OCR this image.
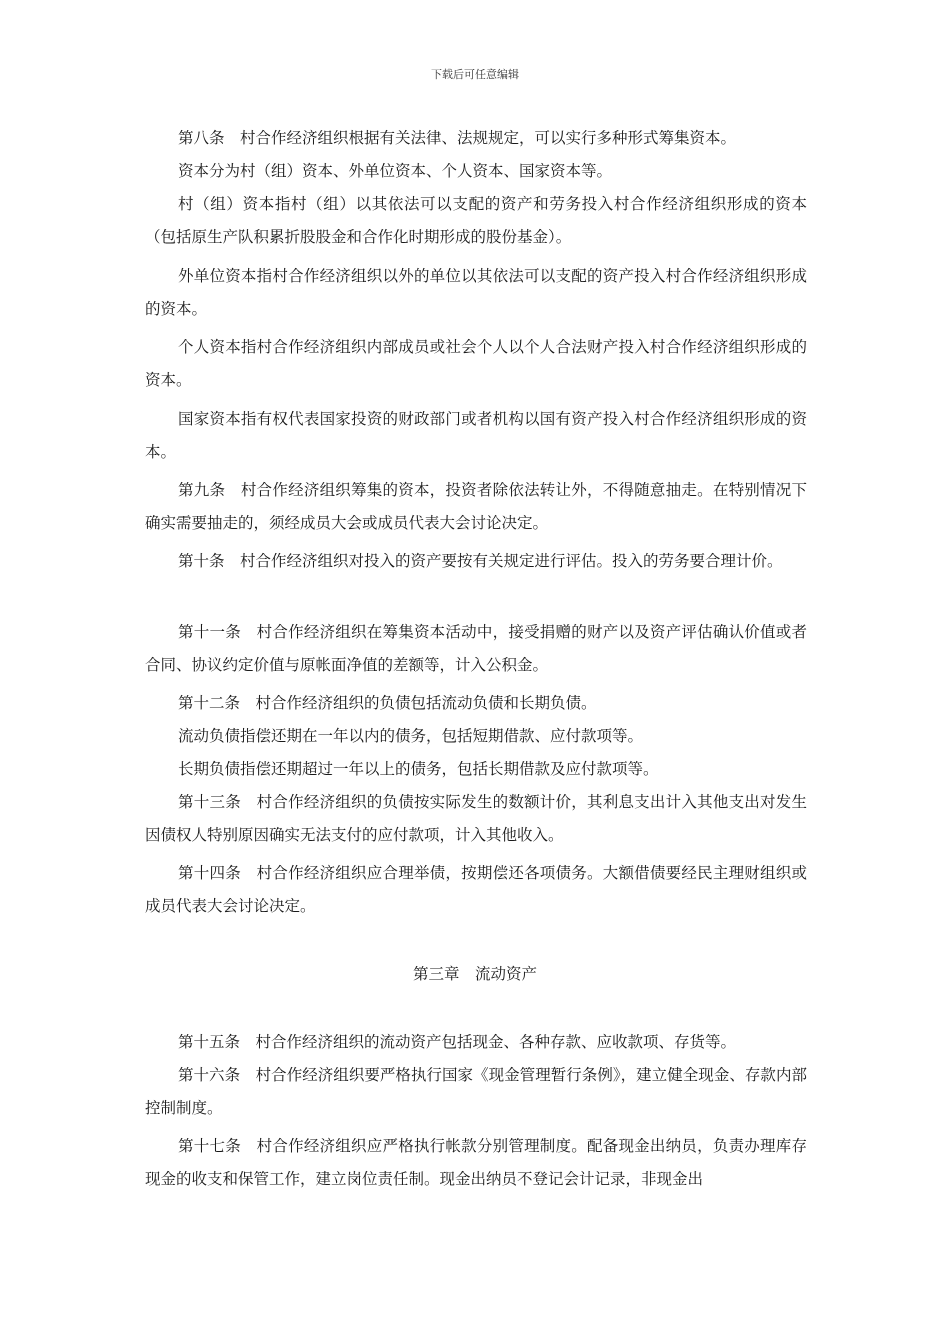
下载后可任意编辑

第八条　村合作经济组织根据有关法律、法规规定，可以实行多种形式筹集资本。

资本分为村（组）资本、外单位资本、个人资本、国家资本等。

村（组）资本指村（组）以其依法可以支配的资产和劳务投入村合作经济组织形成的资本（包括原生产队积累折股股金和合作化时期形成的股份基金）。

外单位资本指村合作经济组织以外的单位以其依法可以支配的资产投入村合作经济组织形成的资本。

个人资本指村合作经济组织内部成员或社会个人以个人合法财产投入村合作经济组织形成的资本。

国家资本指有权代表国家投资的财政部门或者机构以国有资产投入村合作经济组织形成的资本。

第九条　村合作经济组织筹集的资本，投资者除依法转让外，不得随意抽走。在特别情况下确实需要抽走的，须经成员大会或成员代表大会讨论决定。

第十条　村合作经济组织对投入的资产要按有关规定进行评估。投入的劳务要合理计价。

第十一条　村合作经济组织在筹集资本活动中，接受捐赠的财产以及资产评估确认价值或者合同、协议约定价值与原帐面净值的差额等，计入公积金。

第十二条　村合作经济组织的负债包括流动负债和长期负债。

流动负债指偿还期在一年以内的债务，包括短期借款、应付款项等。

长期负债指偿还期超过一年以上的债务，包括长期借款及应付款项等。

第十三条　村合作经济组织的负债按实际发生的数额计价，其利息支出计入其他支出对发生因债权人特别原因确实无法支付的应付款项，计入其他收入。

第十四条　村合作经济组织应合理举债，按期偿还各项债务。大额借债要经民主理财组织或成员代表大会讨论决定。

第三章　流动资产

第十五条　村合作经济组织的流动资产包括现金、各种存款、应收款项、存货等。

第十六条　村合作经济组织要严格执行国家《现金管理暂行条例》，建立健全现金、存款内部控制制度。

第十七条　村合作经济组织应严格执行帐款分别管理制度。配备现金出纳员，负责办理库存现金的收支和保管工作，建立岗位责任制。现金出纳员不登记会计记录，非现金出
